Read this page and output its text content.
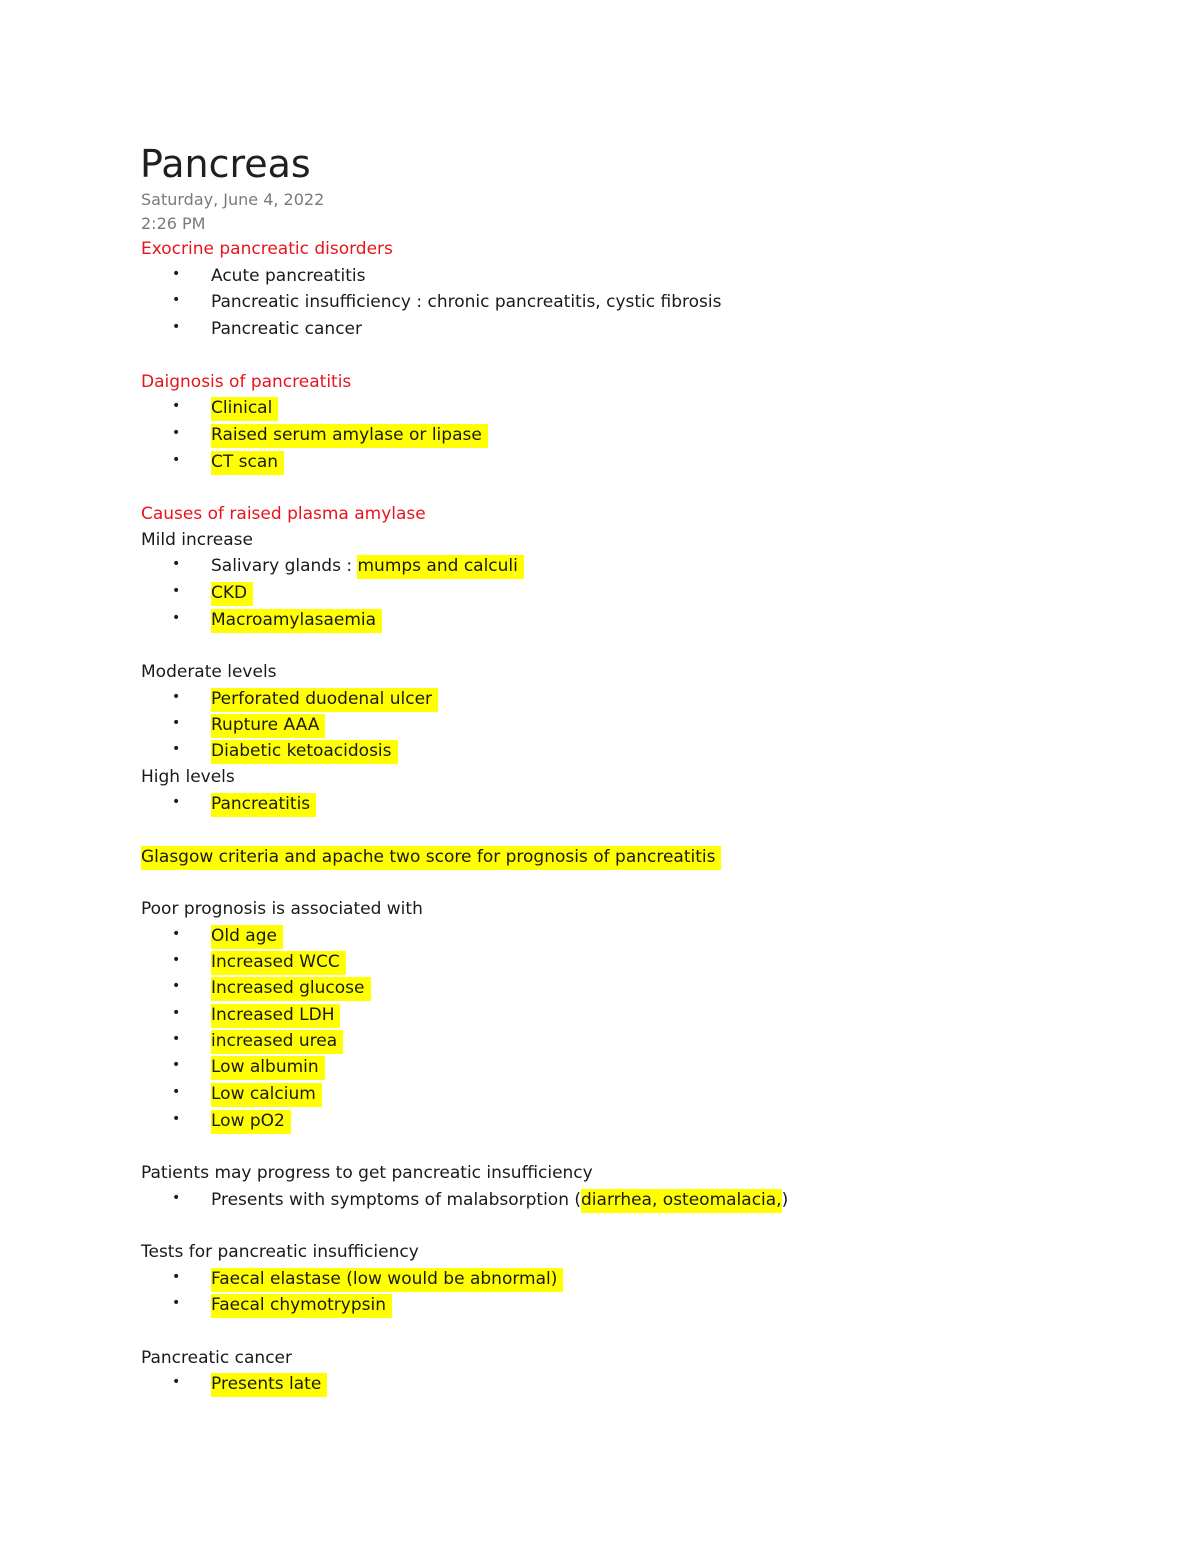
Pancreas
Saturday, June 4, 2022
2:26 PM
Exocrine pancreatic disorders
• Acute pancreatitis
• Pancreatic insufficiency : chronic pancreatitis, cystic fibrosis
• Pancreatic cancer
Daignosis of pancreatitis
• Clinical
• Raised serum amylase or lipase
• CT scan
Causes of raised plasma amylase
Mild increase
• Salivary glands : mumps and calculi
• CKD
• Macroamylasaemia
Moderate levels
• Perforated duodenal ulcer
• Rupture AAA
• Diabetic ketoacidosis
High levels
• Pancreatitis
Glasgow criteria and apache two score for prognosis of pancreatitis
Poor prognosis is associated with
• Old age
• Increased WCC
• Increased glucose
• Increased LDH
• increased urea
• Low albumin
• Low calcium
• Low pO2
Patients may progress to get pancreatic insufficiency
• Presents with symptoms of malabsorption (diarrhea, osteomalacia,)
Tests for pancreatic insufficiency
• Faecal elastase (low would be abnormal)
• Faecal chymotrypsin
Pancreatic cancer
• Presents late
